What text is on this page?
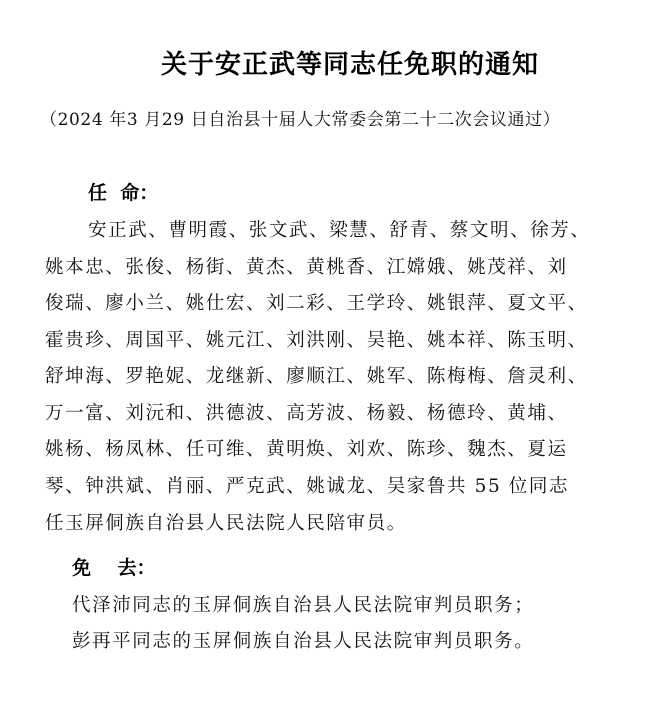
关于安正武等同志任免职的通知
（2024 年3 月29 日自治县十届人大常委会第二十二次会议通过）
任  命：
安正武、曹明霞、张文武、梁慧、舒青、蔡文明、徐芳、
姚本忠、张俊、杨街、黄杰、黄桃香、江嫦娥、姚茂祥、刘
俊瑞、廖小兰、姚仕宏、刘二彩、王学玲、姚银萍、夏文平、
霍贵珍、周国平、姚元江、刘洪刚、吴艳、姚本祥、陈玉明、
舒坤海、罗艳妮、龙继新、廖顺江、姚军、陈梅梅、詹灵利、
万一富、刘沅和、洪德波、高芳波、杨毅、杨德玲、黄埔、
姚杨、杨凤林、任可维、黄明焕、刘欢、陈珍、魏杰、夏运
琴、钟洪斌、肖丽、严克武、姚诚龙、吴家鲁共 55 位同志
任玉屏侗族自治县人民法院人民陪审员。
免    去：
代泽沛同志的玉屏侗族自治县人民法院审判员职务；
彭再平同志的玉屏侗族自治县人民法院审判员职务。
